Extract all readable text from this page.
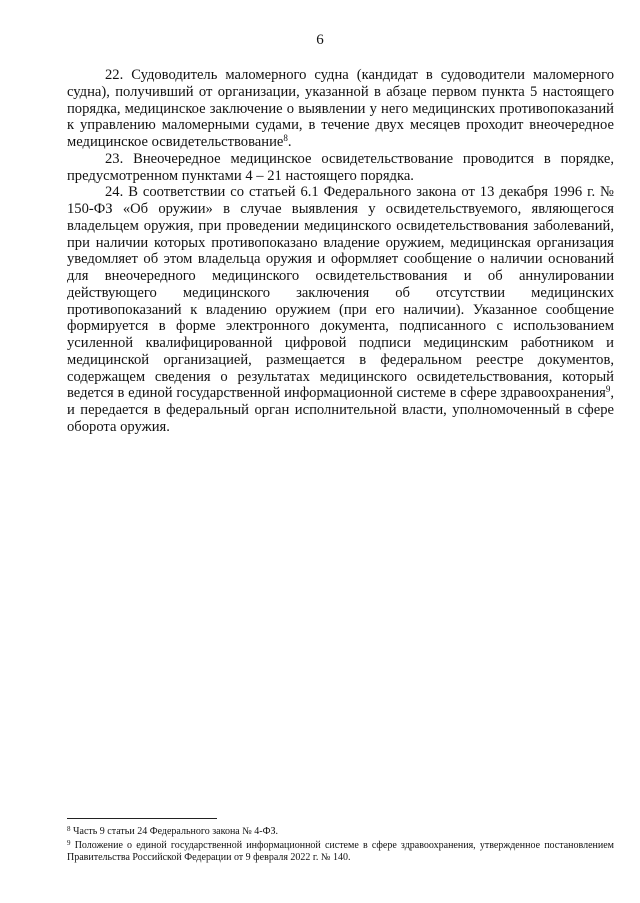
6

22. Судоводитель маломерного судна (кандидат в судоводители маломерного судна), получивший от организации, указанной в абзаце первом пункта 5 настоящего порядка, медицинское заключение о выявлении у него медицинских противопоказаний к управлению маломерными судами, в течение двух месяцев проходит внеочередное медицинское освидетельствование$^8$.

23. Внеочередное медицинское освидетельствование проводится в порядке, предусмотренном пунктами 4 – 21 настоящего порядка.

24. В соответствии со статьей 6.1 Федерального закона от 13 декабря 1996 г. № 150-ФЗ «Об оружии» в случае выявления у освидетельствуемого, являющегося владельцем оружия, при проведении медицинского освидетельствования заболеваний, при наличии которых противопоказано владение оружием, медицинская организация уведомляет об этом владельца оружия и оформляет сообщение о наличии оснований для внеочередного медицинского освидетельствования и об аннулировании действующего медицинского заключения об отсутствии медицинских противопоказаний к владению оружием (при его наличии). Указанное сообщение формируется в форме электронного документа, подписанного с использованием усиленной квалифицированной цифровой подписи медицинским работником и медицинской организацией, размещается в федеральном реестре документов, содержащем сведения о результатах медицинского освидетельствования, который ведется в единой государственной информационной системе в сфере здравоохранения$^9$, и передается в федеральный орган исполнительной власти, уполномоченный в сфере оборота оружия.

$^8$ Часть 9 статьи 24 Федерального закона № 4-ФЗ.

$^9$ Положение о единой государственной информационной системе в сфере здравоохранения, утвержденное постановлением Правительства Российской Федерации от 9 февраля 2022 г. № 140.
